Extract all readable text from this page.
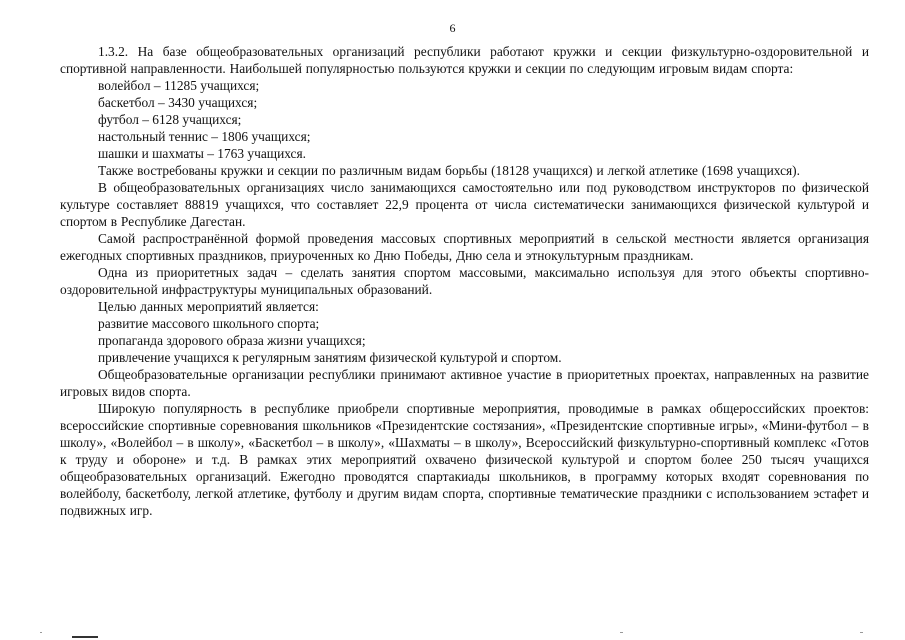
6

1.3.2. На базе общеобразовательных организаций республики работают кружки и секции физкультурно-оздоровительной и спортивной направленности. Наибольшей популярностью пользуются кружки и секции по следующим игровым видам спорта:

волейбол – 11285 учащихся;

баскетбол – 3430 учащихся;

футбол – 6128 учащихся;

настольный теннис – 1806 учащихся;

шашки и шахматы – 1763 учащихся.

Также востребованы кружки и секции по различным видам борьбы (18128 учащихся) и легкой атлетике (1698 учащихся).

В общеобразовательных организациях число занимающихся самостоятельно или под руководством инструкторов по физической культуре составляет 88819 учащихся, что составляет 22,9 процента от числа систематически занимающихся физической культурой и спортом в Республике Дагестан.

Самой распространённой формой проведения массовых спортивных мероприятий в сельской местности является организация ежегодных спортивных праздников, приуроченных ко Дню Победы, Дню села и этнокультурным праздникам.

Одна из приоритетных задач – сделать занятия спортом массовыми, максимально используя для этого объекты спортивно-оздоровительной инфраструктуры муниципальных образований.

Целью данных мероприятий является:

развитие массового школьного спорта;

пропаганда здорового образа жизни учащихся;

привлечение учащихся к регулярным занятиям физической культурой и спортом.

Общеобразовательные организации республики принимают активное участие в приоритетных проектах, направленных на развитие игровых видов спорта.

Широкую популярность в республике приобрели спортивные мероприятия, проводимые в рамках общероссийских проектов: всероссийские спортивные соревнования школьников «Президентские состязания», «Президентские спортивные игры», «Мини-футбол – в школу», «Волейбол – в школу», «Баскетбол – в школу», «Шахматы – в школу», Всероссийский физкультурно-спортивный комплекс «Готов к труду и обороне» и т.д. В рамках этих мероприятий охвачено физической культурой и спортом более 250 тысяч учащихся общеобразовательных организаций. Ежегодно проводятся спартакиады школьников, в программу которых входят соревнования по волейболу, баскетболу, легкой атлетике, футболу и другим видам спорта, спортивные тематические праздники с использованием эстафет и подвижных игр.
